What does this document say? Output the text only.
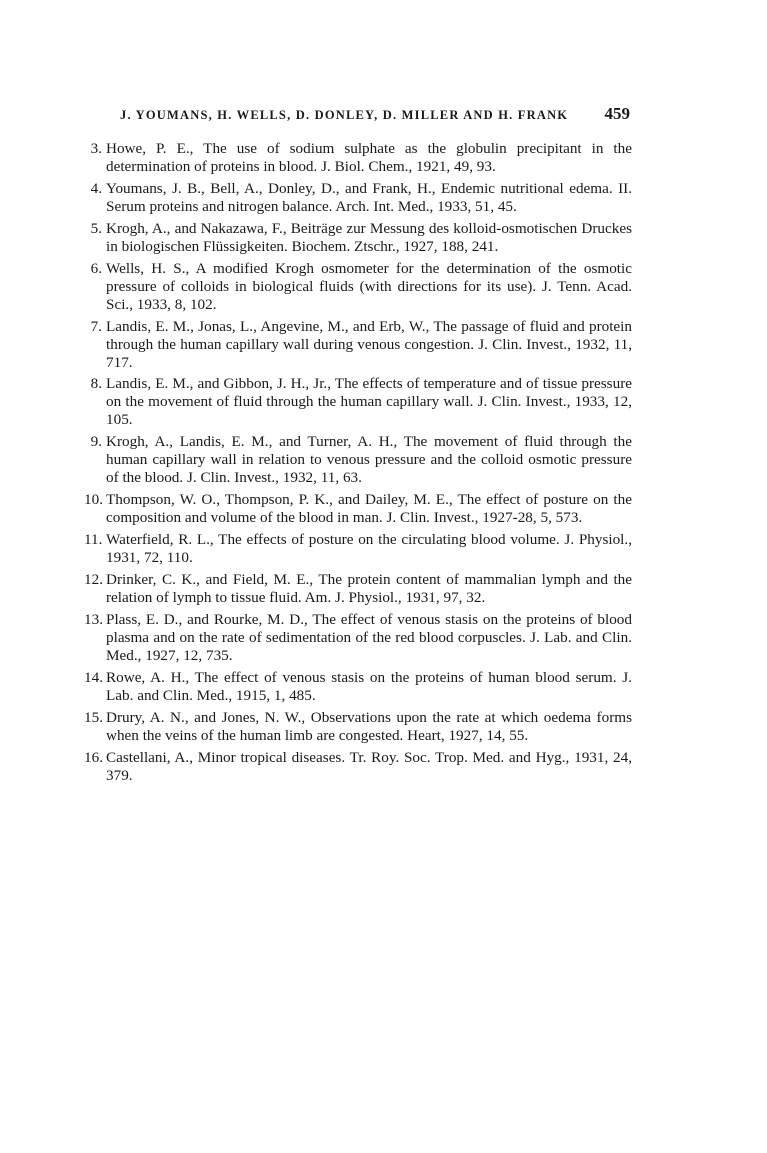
J. YOUMANS, H. WELLS, D. DONLEY, D. MILLER AND H. FRANK 459
3. Howe, P. E., The use of sodium sulphate as the globulin precipitant in the determination of proteins in blood. J. Biol. Chem., 1921, 49, 93.
4. Youmans, J. B., Bell, A., Donley, D., and Frank, H., Endemic nutritional edema. II. Serum proteins and nitrogen balance. Arch. Int. Med., 1933, 51, 45.
5. Krogh, A., and Nakazawa, F., Beiträge zur Messung des kolloid-osmotischen Druckes in biologischen Flüssigkeiten. Biochem. Ztschr., 1927, 188, 241.
6. Wells, H. S., A modified Krogh osmometer for the determination of the osmotic pressure of colloids in biological fluids (with directions for its use). J. Tenn. Acad. Sci., 1933, 8, 102.
7. Landis, E. M., Jonas, L., Angevine, M., and Erb, W., The passage of fluid and protein through the human capillary wall during venous congestion. J. Clin. Invest., 1932, 11, 717.
8. Landis, E. M., and Gibbon, J. H., Jr., The effects of temperature and of tissue pressure on the movement of fluid through the human capillary wall. J. Clin. Invest., 1933, 12, 105.
9. Krogh, A., Landis, E. M., and Turner, A. H., The movement of fluid through the human capillary wall in relation to venous pressure and the colloid osmotic pressure of the blood. J. Clin. Invest., 1932, 11, 63.
10. Thompson, W. O., Thompson, P. K., and Dailey, M. E., The effect of posture on the composition and volume of the blood in man. J. Clin. Invest., 1927-28, 5, 573.
11. Waterfield, R. L., The effects of posture on the circulating blood volume. J. Physiol., 1931, 72, 110.
12. Drinker, C. K., and Field, M. E., The protein content of mammalian lymph and the relation of lymph to tissue fluid. Am. J. Physiol., 1931, 97, 32.
13. Plass, E. D., and Rourke, M. D., The effect of venous stasis on the proteins of blood plasma and on the rate of sedimentation of the red blood corpuscles. J. Lab. and Clin. Med., 1927, 12, 735.
14. Rowe, A. H., The effect of venous stasis on the proteins of human blood serum. J. Lab. and Clin. Med., 1915, 1, 485.
15. Drury, A. N., and Jones, N. W., Observations upon the rate at which oedema forms when the veins of the human limb are congested. Heart, 1927, 14, 55.
16. Castellani, A., Minor tropical diseases. Tr. Roy. Soc. Trop. Med. and Hyg., 1931, 24, 379.
